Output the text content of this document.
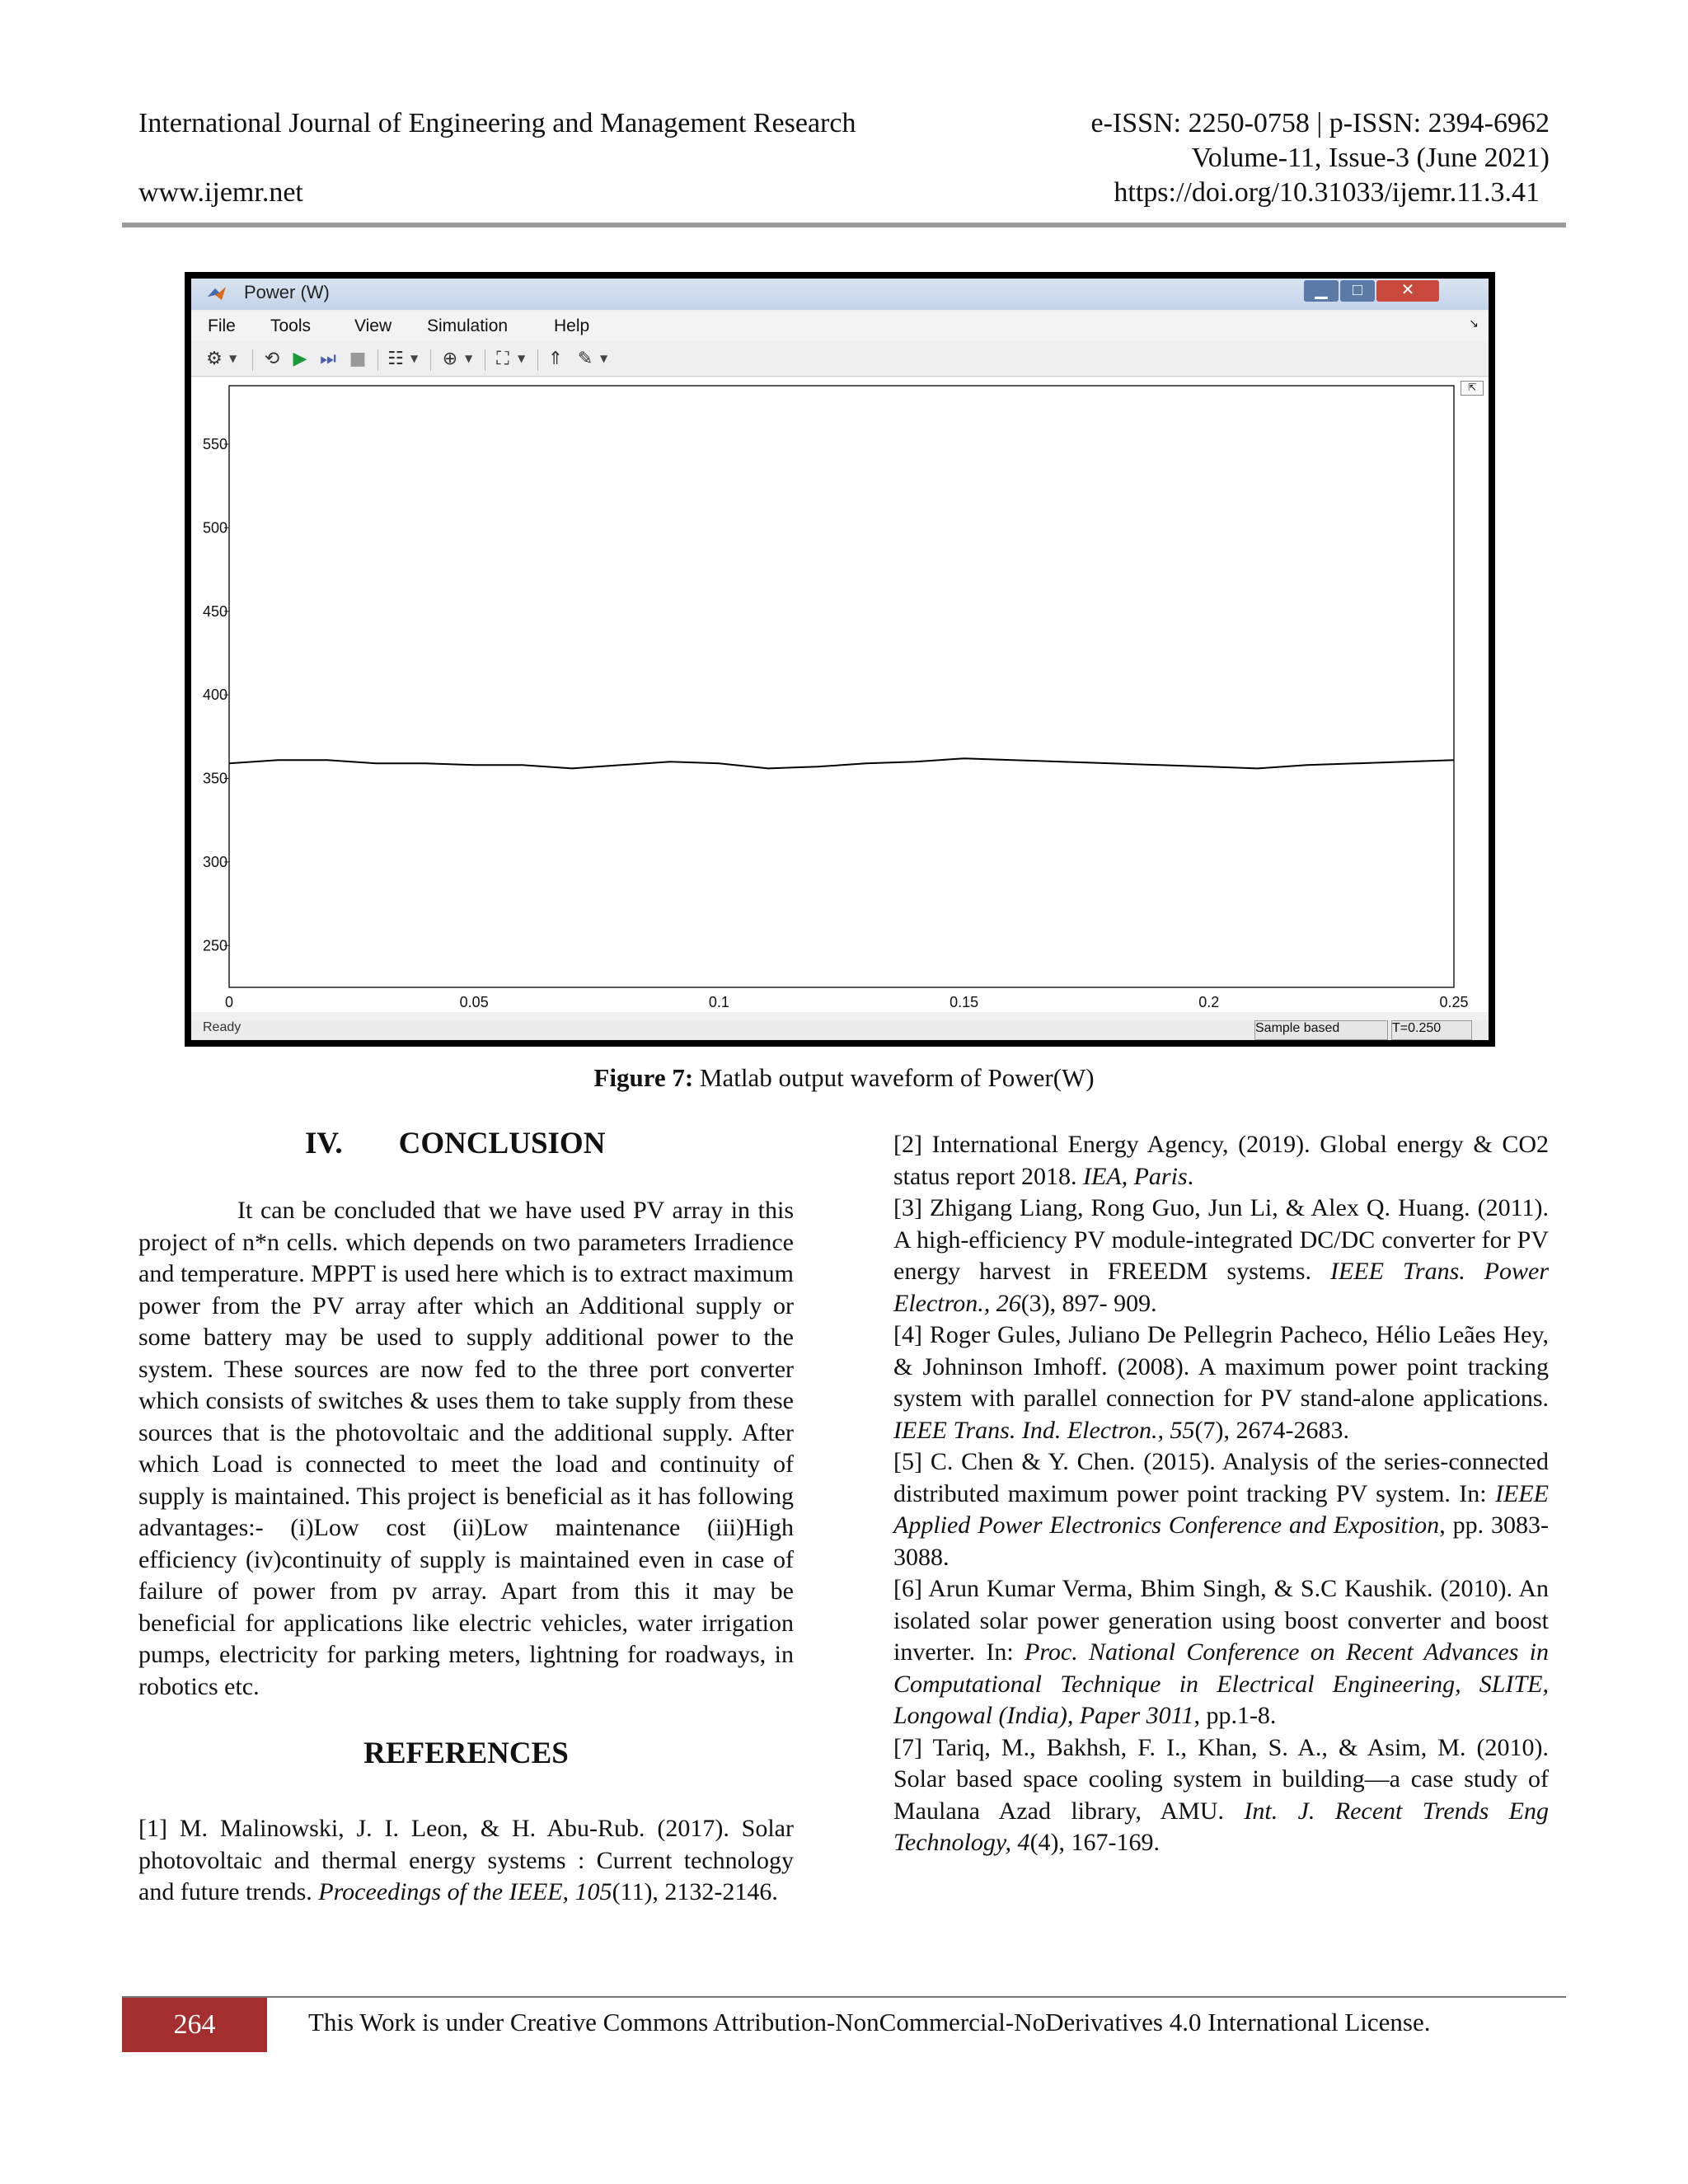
International Journal of Engineering and Management Research	e-ISSN: 2250-0758 | p-ISSN: 2394-6962
Volume-11, Issue-3 (June 2021)
www.ijemr.net	https://doi.org/10.31033/ijemr.11.3.41
Power (W)	▁	□	✕
File Tools	View Simulation	Help	↘
⚙ ▼ ⟲ ▶ ⏭ ■ ☷ ▼ ⊕ ▼ ⛶ ▼ ⇑ ✎ ▼
⇱
0	0.05	0.1	0.15	0.2	0.25
250
300
350
400
450
500
550
Ready	Sample based	T=0.250
Figure 7: Matlab output waveform of Power(W)
IV. CONCLUSION

It can be concluded that we have used PV array in this project of n*n cells. which depends on two parameters Irradience and temperature. MPPT is used here which is to extract maximum power from the PV array after which an Additional supply or some battery may be used to supply additional power to the system. These sources are now fed to the three port converter which consists of switches & uses them to take supply from these sources that is the photovoltaic and the additional supply. After which Load is connected to meet the load and continuity of supply is maintained. This project is beneficial as it has following advantages:- (i)Low cost (ii)Low maintenance (iii)High efficiency (iv)continuity of supply is maintained even in case of failure of power from pv array. Apart from this it may be beneficial for applications like electric vehicles, water irrigation pumps, electricity for parking meters, lightning for roadways, in robotics etc.

REFERENCES

[1] M. Malinowski, J. I. Leon, & H. Abu-Rub. (2017). Solar photovoltaic and thermal energy systems : Current technology and future trends. Proceedings of the IEEE, 105(11), 2132-2146.

[2] International Energy Agency, (2019). Global energy & CO2 status report 2018. IEA, Paris.

[3] Zhigang Liang, Rong Guo, Jun Li, & Alex Q. Huang. (2011). A high-efficiency PV module-integrated DC/DC converter for PV energy harvest in FREEDM systems. IEEE Trans. Power Electron., 26(3), 897- 909.

[4] Roger Gules, Juliano De Pellegrin Pacheco, Hélio Leães Hey, & Johninson Imhoff. (2008). A maximum power point tracking system with parallel connection for PV stand-alone applications. IEEE Trans. Ind. Electron., 55(7), 2674-2683.

[5] C. Chen & Y. Chen. (2015). Analysis of the series-connected distributed maximum power point tracking PV system. In: IEEE Applied Power Electronics Conference and Exposition, pp. 3083-3088.

[6] Arun Kumar Verma, Bhim Singh, & S.C Kaushik. (2010). An isolated solar power generation using boost converter and boost inverter. In: Proc. National Conference on Recent Advances in Computational Technique in Electrical Engineering, SLITE, Longowal (India), Paper 3011, pp.1-8.

[7] Tariq, M., Bakhsh, F. I., Khan, S. A., & Asim, M. (2010). Solar based space cooling system in building—a case study of Maulana Azad library, AMU. Int. J. Recent Trends Eng Technology, 4(4), 167-169.

264	This Work is under Creative Commons Attribution-NonCommercial-NoDerivatives 4.0 International License.
